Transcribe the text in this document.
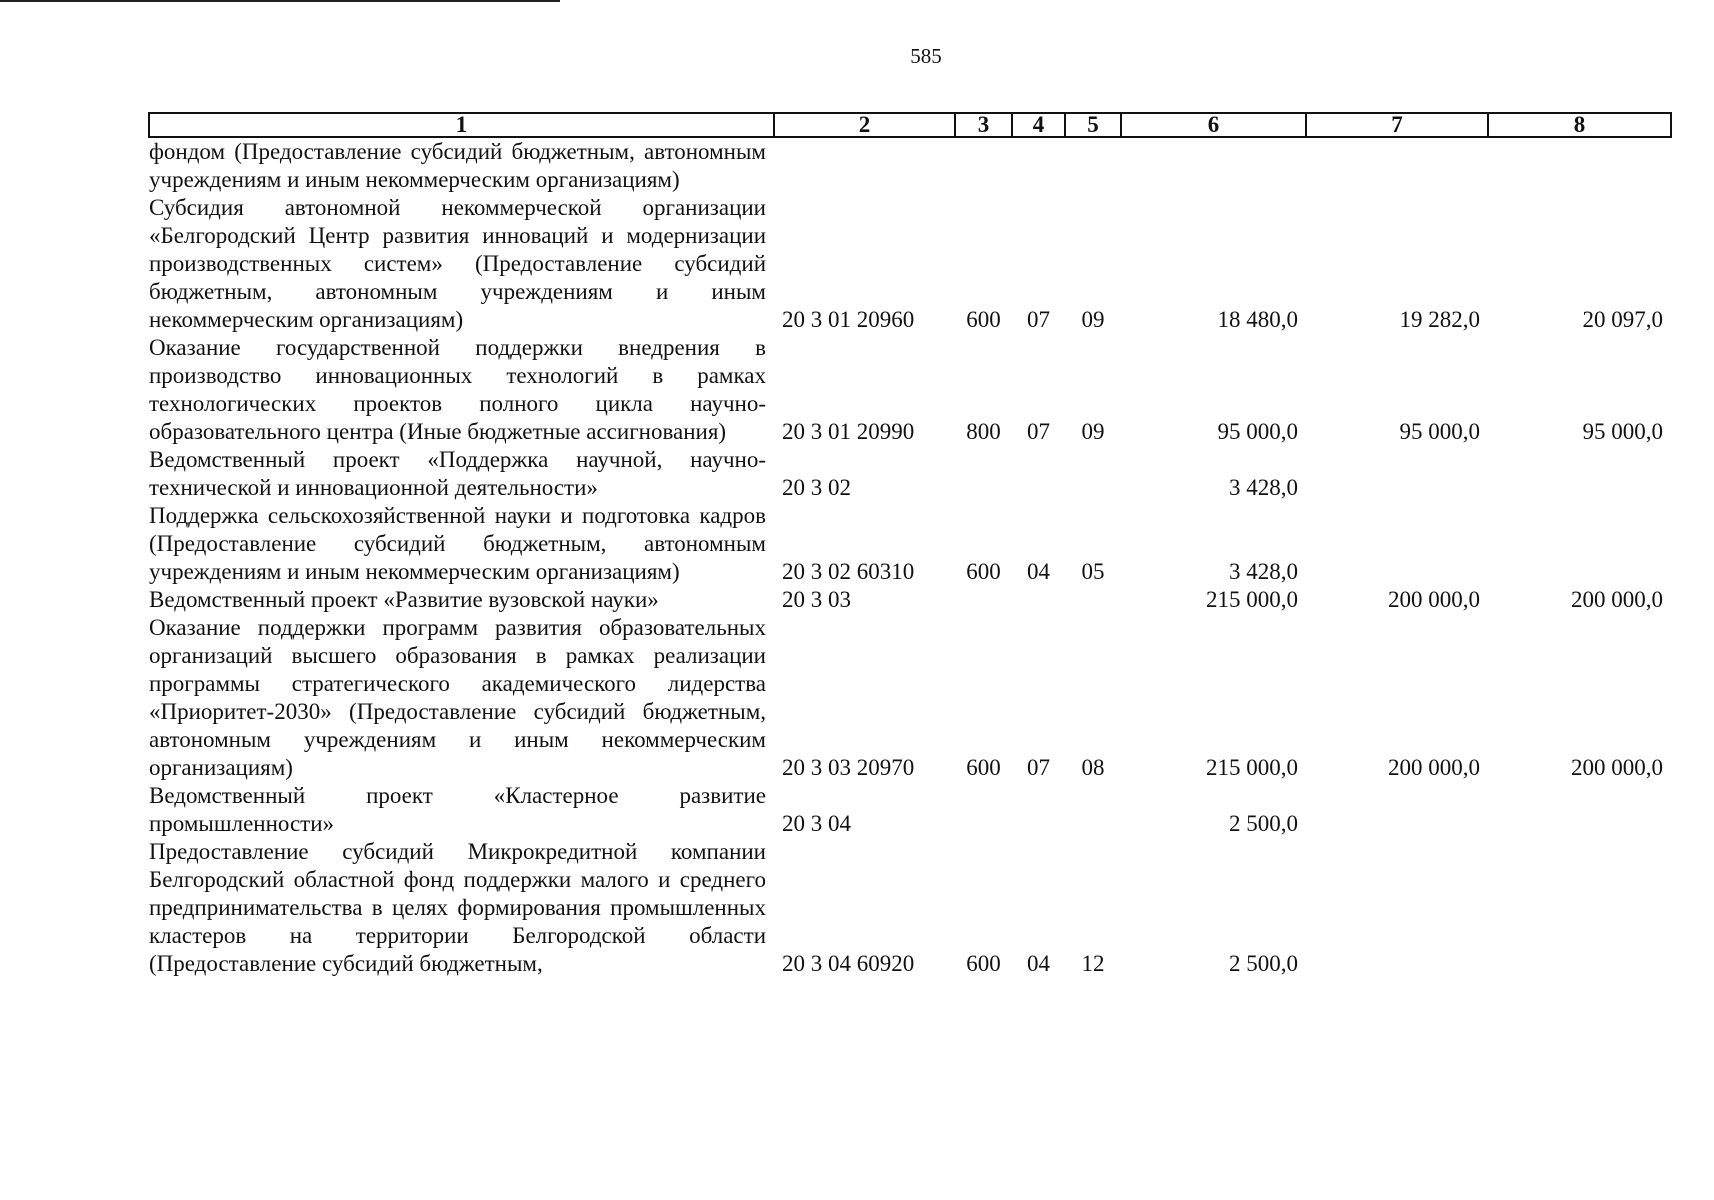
585
1	2	3	4	5	6	7	8
фондом (Предоставление субсидий бюджетным, автономным учреждениям и иным некоммерческим организациям)							
Субсидия автономной некоммерческой организации «Белгородский Центр развития инноваций и модернизации производственных систем» (Предоставление субсидий бюджетным, автономным учреждениям и иным некоммерческим организациям)	20 3 01 20960	600	07	09	18 480,0	19 282,0	20 097,0
Оказание государственной поддержки внедрения в производство инновационных технологий в рамках технологических проектов полного цикла научно-образовательного центра (Иные бюджетные ассигнования)	20 3 01 20990	800	07	09	95 000,0	95 000,0	95 000,0
Ведомственный проект «Поддержка научной, научно-технической и инновационной деятельности»	20 3 02				3 428,0		
Поддержка сельскохозяйственной науки и подготовка кадров (Предоставление субсидий бюджетным, автономным учреждениям и иным некоммерческим организациям)	20 3 02 60310	600	04	05	3 428,0		
Ведомственный проект «Развитие вузовской науки»	20 3 03				215 000,0	200 000,0	200 000,0
Оказание поддержки программ развития образовательных организаций высшего образования в рамках реализации программы стратегического академического лидерства «Приоритет-2030» (Предоставление субсидий бюджетным, автономным учреждениям и иным некоммерческим организациям)	20 3 03 20970	600	07	08	215 000,0	200 000,0	200 000,0
Ведомственный проект «Кластерное развитие промышленности»	20 3 04				2 500,0		
Предоставление субсидий Микрокредитной компании Белгородский областной фонд поддержки малого и среднего предпринимательства в целях формирования промышленных кластеров на территории Белгородской области (Предоставление субсидий бюджетным,	20 3 04 60920	600	04	12	2 500,0		
